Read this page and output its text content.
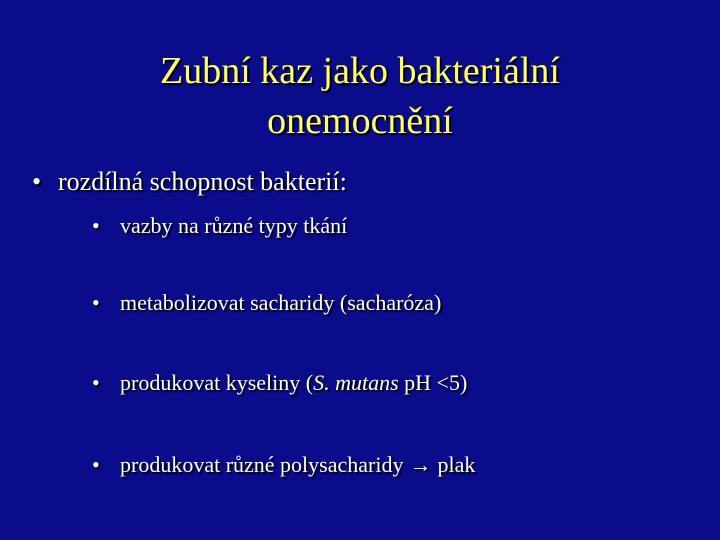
Zubní kaz jako bakteriální
onemocnění
• rozdílná schopnost bakterií:
• vazby na různé typy tkání
• metabolizovat sacharidy (sacharóza)
• produkovat kyseliny (S. mutans pH <5)
• produkovat různé polysacharidy → plak
